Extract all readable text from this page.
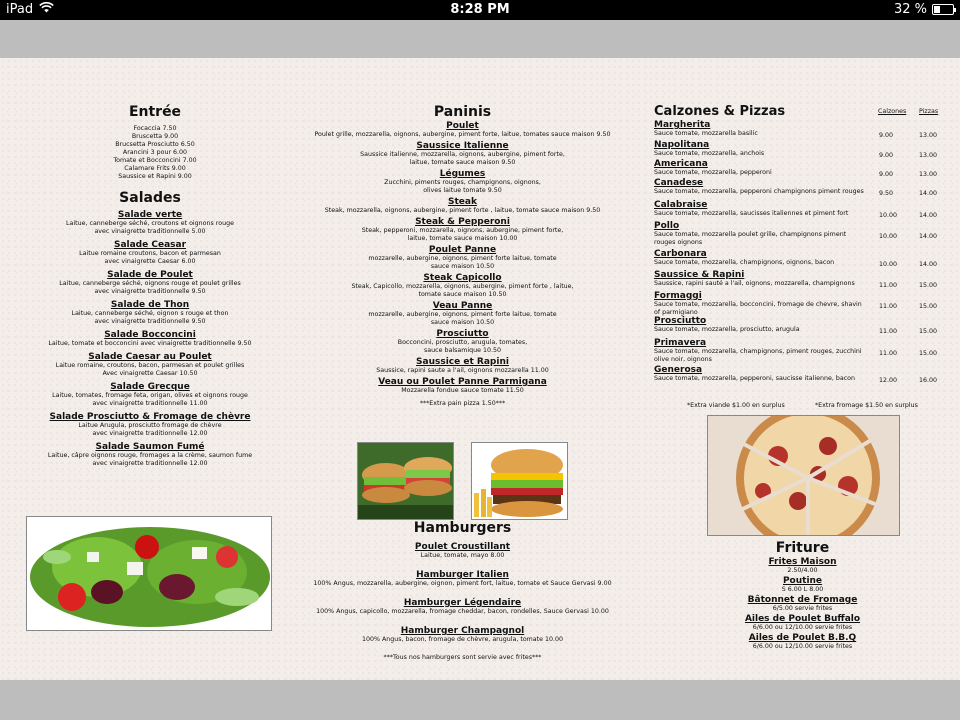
iPad	8:28 PM	32 %
Entrée
Focaccia 7.50
Bruscetta 9.00
Brucsetta Prosciutto 6.50
Arancini 3 pour 6.00
Tomate et Bocconcini 7.00
Calamare Frits 9.00
Saussice et Rapini 9.00
Salades
Salade verte
Laitue, canneberge séché, croutons et oignons rouge
avec vinaigrette traditionnelle 5.00
Salade Ceasar
Laitue romaine croutons, bacon et parmesan
avec vinaigrette Caesar 6.00
Salade de Poulet
Laitue, canneberge séché, oignons rouge et poulet grilles
avec vinaigrette traditionnelle 9.50
Salade de Thon
Laitue, canneberge séché, oignon s rouge et thon
avec vinaigrette traditionnelle 9.50
Salade Bocconcini
Laitue, tomate et bocconcini avec vinaigrette traditionnelle 9.50
Salade Caesar au Poulet
Laitue romaine, croutons, bacon, parmesan et poulet grilles
Avec vinaigrette Caesar 10.50
Salade Grecque
Laitue, tomates, fromage feta, origan, olives et oignons rouge
avec vinaigrette traditionnelle 11.00
Salade Prosciutto & Fromage de chèvre
Laitue Arugula, prosciutto fromage de chèvre
avec vinaigrette traditionnelle 12.00
Salade Saumon Fumé
Laitue, câpre oignons rouge, fromages a la crème, saumon fume
avec vinaigrette traditionnelle 12.00
Paninis
Poulet
Poulet grille, mozzarella, oignons, aubergine, piment forte, laitue, tomates sauce maison 9.50
Saussice Italienne
Saussice italienne, mozzarella, oignons, aubergine, piment forte,
laitue, tomate sauce maison 9.50
Légumes
Zucchini, piments rouges, champignons, oignons,
olives laitue tomate 9.50
Steak
Steak, mozzarella, oignons, aubergine, piment forte , laitue, tomate sauce maison 9.50
Steak & Pepperoni
Steak, pepperoni, mozzarella, oignons, aubergine, piment forte,
laitue, tomate sauce maison 10.00
Poulet Panne
mozzarelle, aubergine, oignons, piment forte laitue, tomate
sauce maison 10.50
Steak Capicollo
Steak, Capicollo, mozzarella, oignons, aubergine, piment forte , laitue,
tomate sauce maison 10.50
Veau Panne
mozzarelle, aubergine, oignons, piment forte laitue, tomate
sauce maison 10.50
Prosciutto
Bocconcini, prosciutto, arugula, tomates,
sauce balsamique 10.50
Saussice et Rapini
Saussice, rapini saute a l'ail, oignons mozzarella 11.00
Veau ou Poulet Panne Parmigana
Mozzarella fondue sauce tomate 11.50
***Extra pain pizza 1.50***
Hamburgers
Poulet Croustillant
Laitue, tomate, mayo 8.00
Hamburger Italien
100% Angus, mozzarella, aubergine, oignon, piment fort, laitue, tomate et Sauce Gervasi 9.00
Hamburger Légendaire
100% Angus, capicollo, mozzarella, fromage cheddar, bacon, rondelles, Sauce Gervasi 10.00
Hamburger Champagnol
100% Angus, bacon, fromage de chèvre, arugula, tomate 10.00
***Tous nos hamburgers sont servie avec frites***
Calzones & Pizzas	Calzones Pizzas
Margherita
Sauce tomate, mozzarella basilic	9.00	13.00
Napolitana
Sauce tomate, mozzarella, anchois	9.00	13.00
Americana
Sauce tomate, mozzarella, pepperoni	9.00	13.00
Canadese
Sauce tomate, mozzarella, pepperoni champignons piment rouges	9.50	14.00
Calabraise
Sauce tomate, mozzarella, saucisses italiennes et piment fort	10.00	14.00
Pollo
Sauce tomate, mozzarella poulet grille, champignons piment rouges oignons
10.00	14.00
Carbonara
Sauce tomate, mozzarella, champignons, oignons, bacon	10.00	14.00
Saussice & Rapini
Saussice, rapini sauté a l'ail, oignons, mozzarella, champignons	11.00	15.00
Formaggi
Sauce tomate, mozzarella, bocconcini, fromage de chevre, shavin of parmigiano
11.00	15.00
Prosciutto
Sauce tomate, mozzarella, prosciutto, arugula	11.00	15.00
Primavera
Sauce tomate, mozzarella, champignons, piment rouges, zucchini olive noir, oignons
11.00	15.00
Generosa
Sauce tomate, mozzarella, pepperoni, saucisse italienne, bacon	12.00	16.00
*Extra viande $1.00 en surplus	*Extra fromage $1.50 en surplus
Friture
Frites Maison
2.50/4.00
Poutine
S 6.00 L 8.00
Bâtonnet de Fromage
6/5.00 servie frites
Ailes de Poulet Buffalo
6/6.00 ou 12/10.00 servie frites
Ailes de Poulet B.B.Q
6/6.00 ou 12/10.00 servie frites
